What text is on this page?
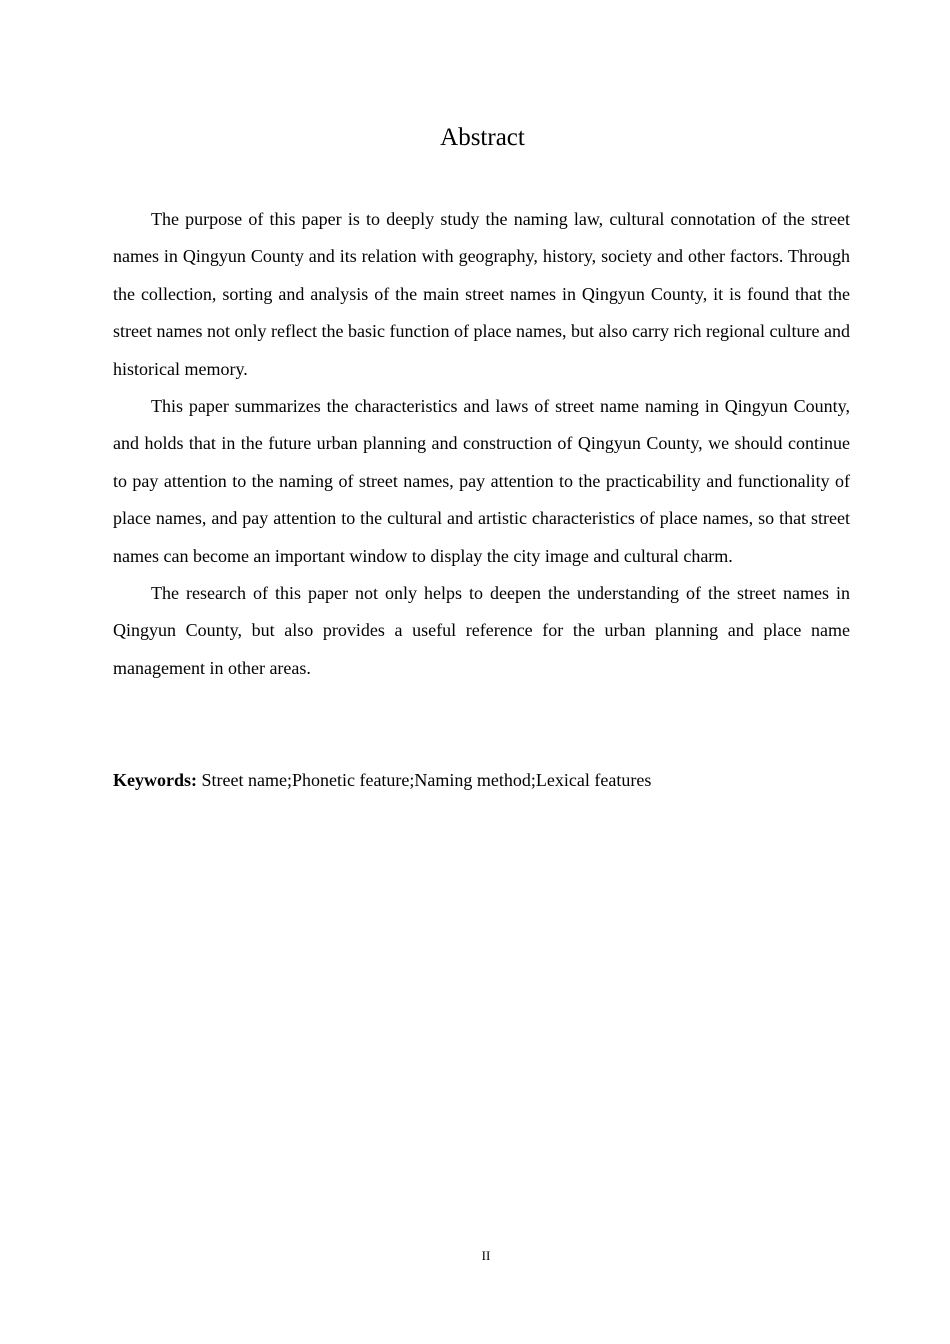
Abstract

The purpose of this paper is to deeply study the naming law, cultural connotation of the street names in Qingyun County and its relation with geography, history, society and other factors. Through the collection, sorting and analysis of the main street names in Qingyun County, it is found that the street names not only reflect the basic function of place names, but also carry rich regional culture and historical memory.

This paper summarizes the characteristics and laws of street name naming in Qingyun County, and holds that in the future urban planning and construction of Qingyun County, we should continue to pay attention to the naming of street names, pay attention to the practicability and functionality of place names, and pay attention to the cultural and artistic characteristics of place names, so that street names can become an important window to display the city image and cultural charm.

The research of this paper not only helps to deepen the understanding of the street names in Qingyun County, but also provides a useful reference for the urban planning and place name management in other areas.

Keywords: Street name;Phonetic feature;Naming method;Lexical features

II
